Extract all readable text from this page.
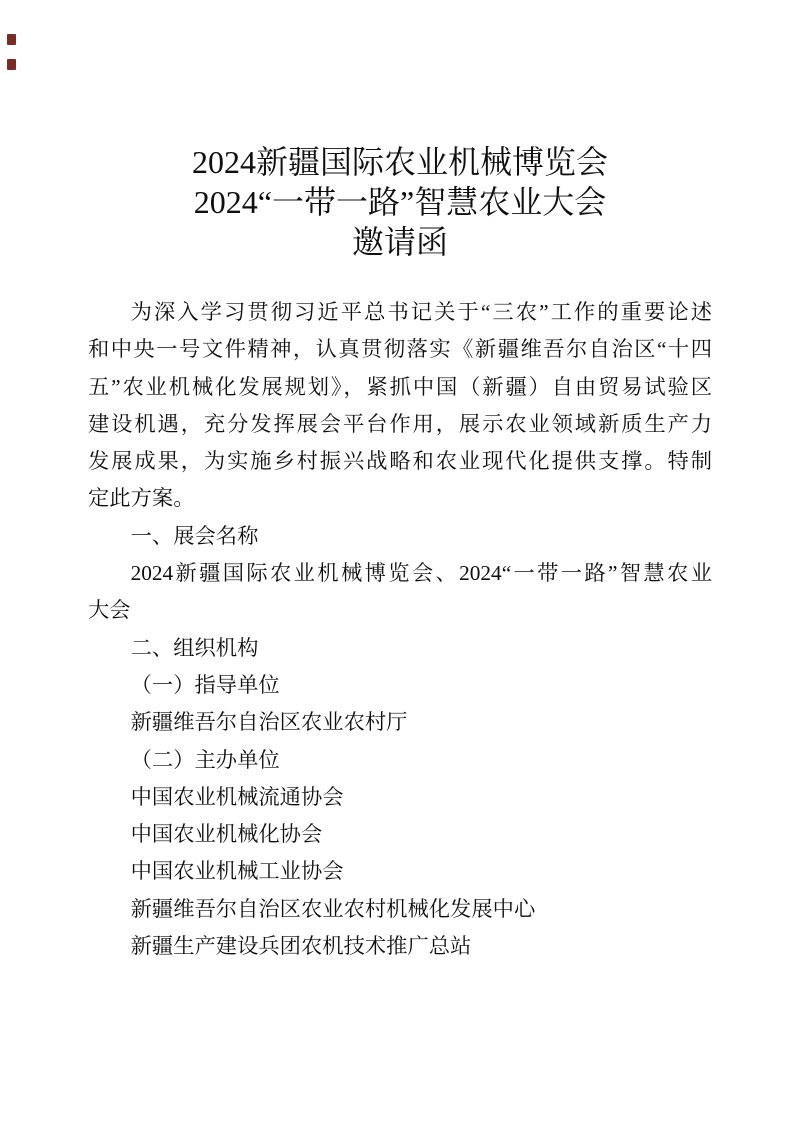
2024新疆国际农业机械博览会
2024“一带一路”智慧农业大会
邀请函
为深入学习贯彻习近平总书记关于“三农”工作的重要论述
和中央一号文件精神，认真贯彻落实《新疆维吾尔自治区“十四
五”农业机械化发展规划》，紧抓中国（新疆）自由贸易试验区
建设机遇，充分发挥展会平台作用，展示农业领域新质生产力
发展成果，为实施乡村振兴战略和农业现代化提供支撑。特制
定此方案。
一、展会名称
2024新疆国际农业机械博览会、2024“一带一路”智慧农业
大会
二、组织机构
（一）指导单位
新疆维吾尔自治区农业农村厅
（二）主办单位
中国农业机械流通协会
中国农业机械化协会
中国农业机械工业协会
新疆维吾尔自治区农业农村机械化发展中心
新疆生产建设兵团农机技术推广总站
